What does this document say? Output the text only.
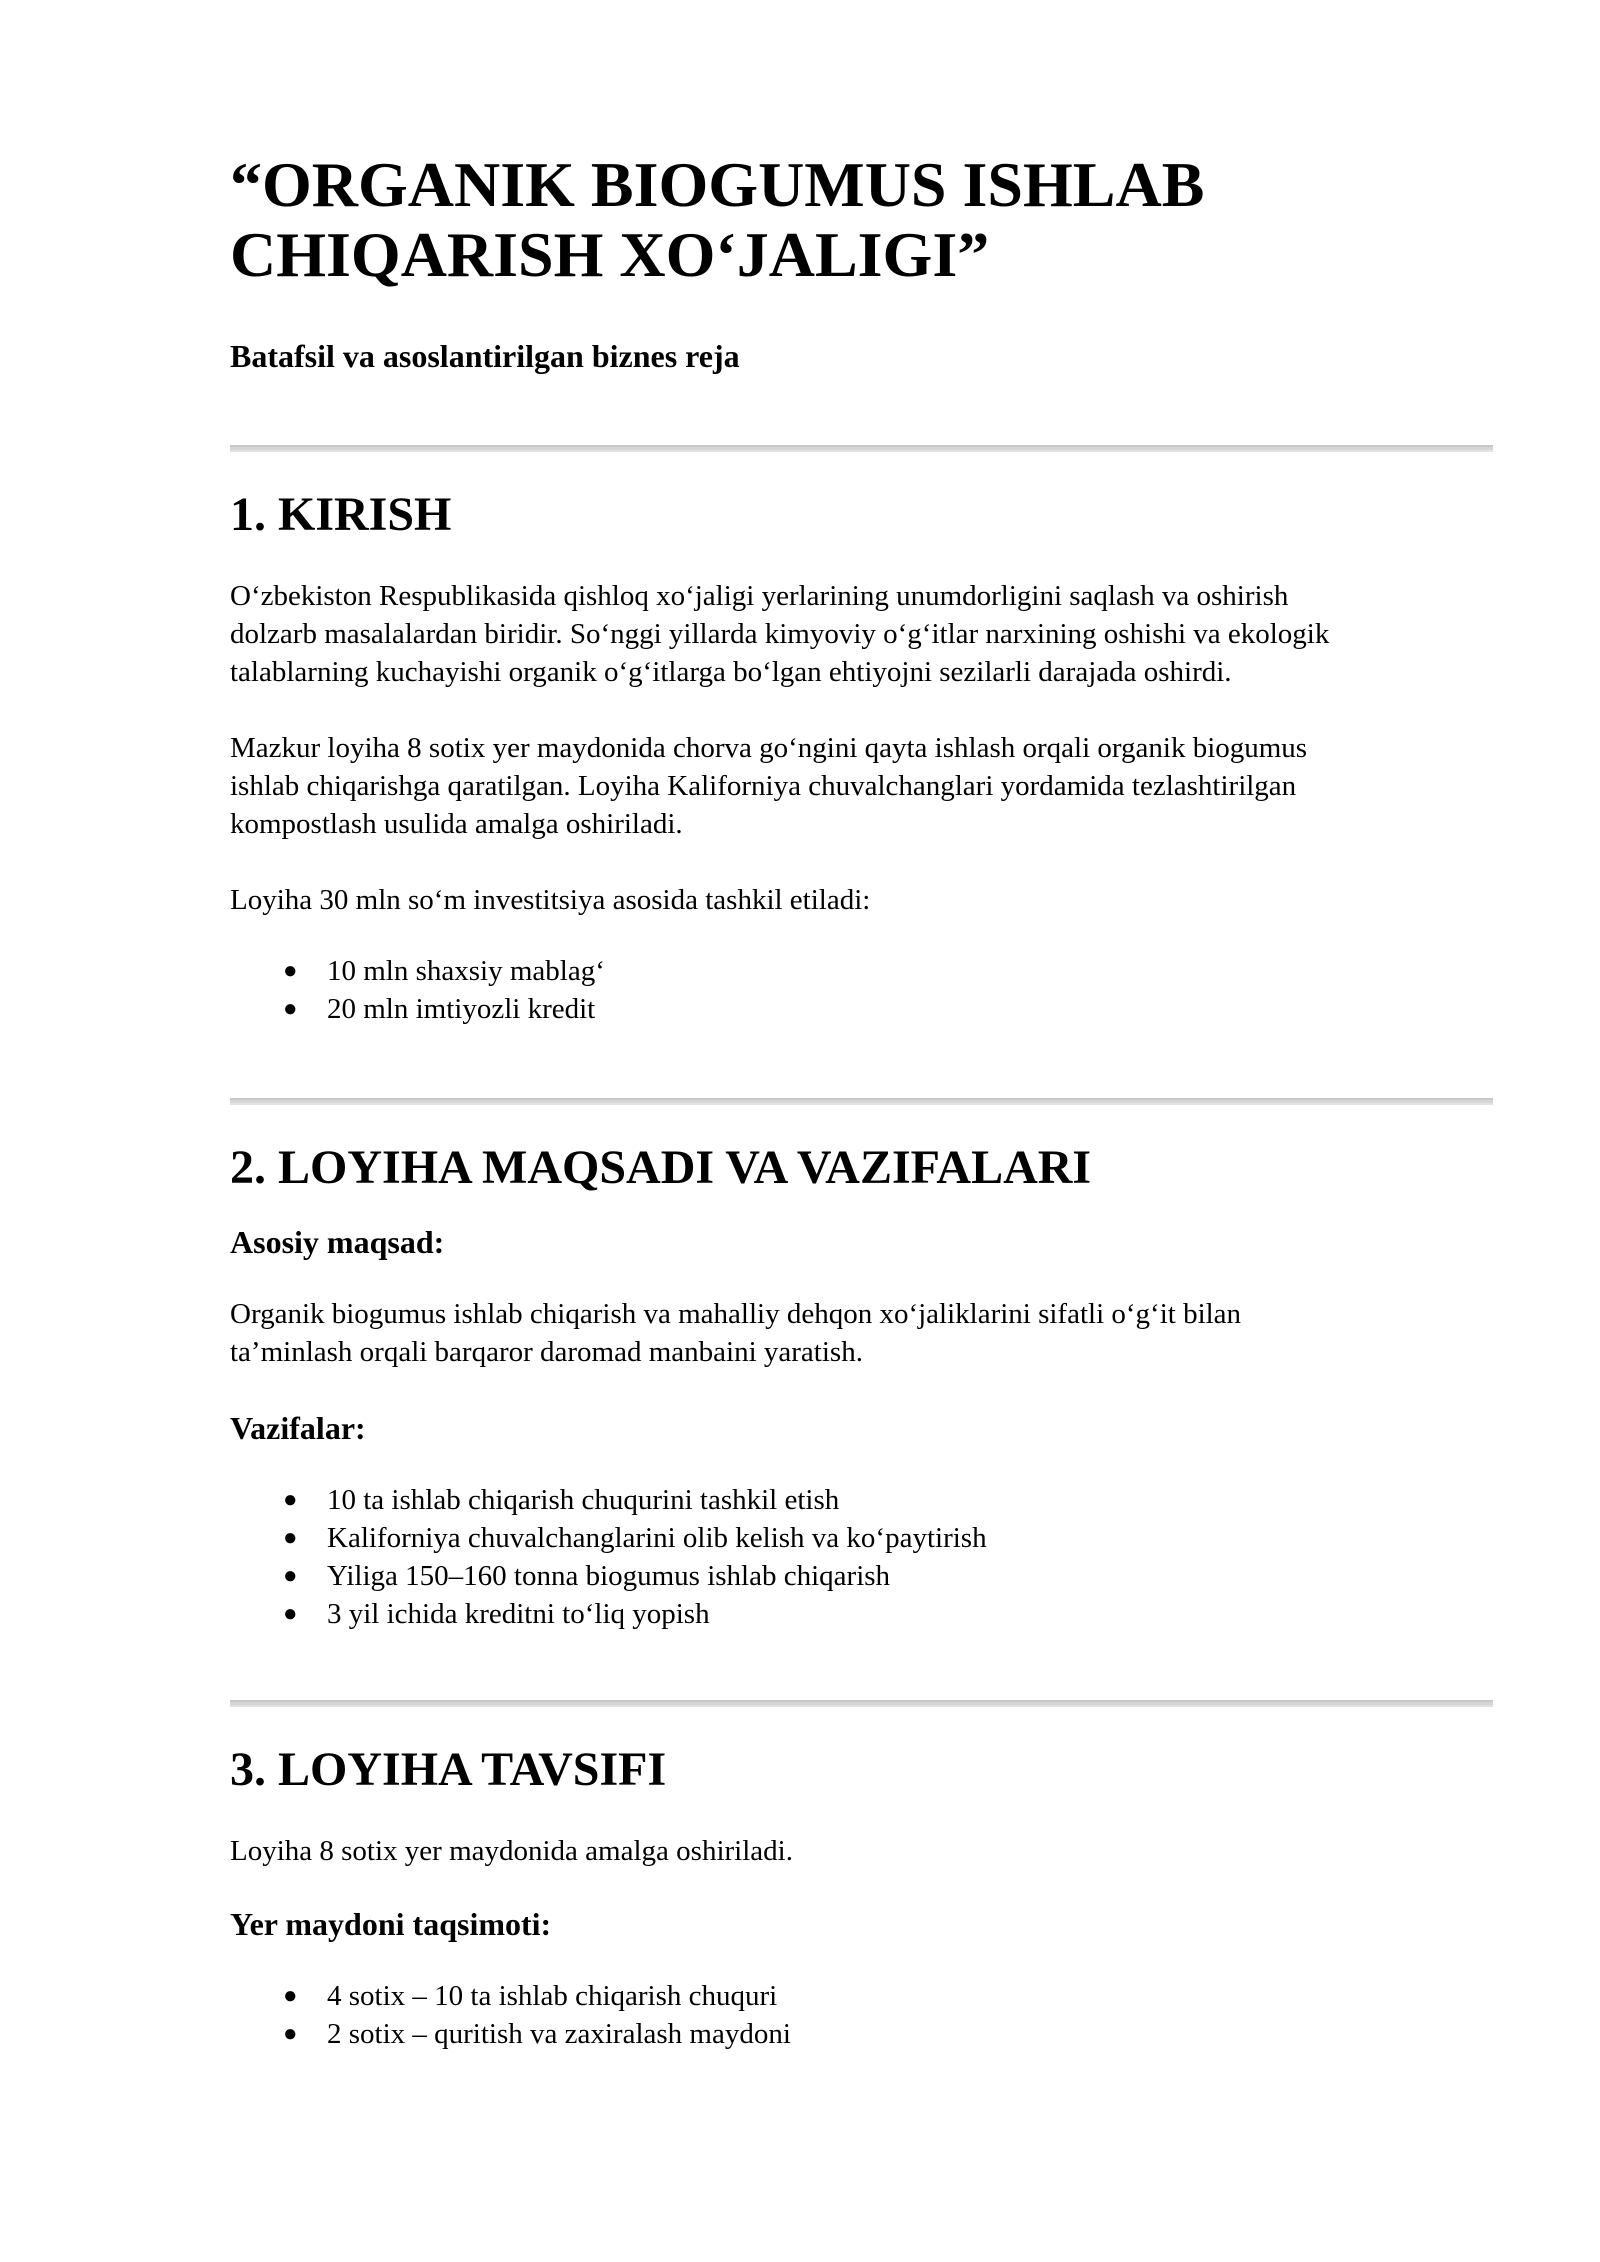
“ORGANIK BIOGUMUS ISHLAB
CHIQARISH XO‘JALIGI”

Batafsil va asoslantirilgan biznes reja

1. KIRISH

O‘zbekiston Respublikasida qishloq xo‘jaligi yerlarining unumdorligini saqlash va oshirish
dolzarb masalalardan biridir. So‘nggi yillarda kimyoviy o‘g‘itlar narxining oshishi va ekologik
talablarning kuchayishi organik o‘g‘itlarga bo‘lgan ehtiyojni sezilarli darajada oshirdi.

Mazkur loyiha 8 sotix yer maydonida chorva go‘ngini qayta ishlash orqali organik biogumus
ishlab chiqarishga qaratilgan. Loyiha Kaliforniya chuvalchanglari yordamida tezlashtirilgan
kompostlash usulida amalga oshiriladi.

Loyiha 30 mln so‘m investitsiya asosida tashkil etiladi:

● 10 mln shaxsiy mablag‘
● 20 mln imtiyozli kredit
2. LOYIHA MAQSADI VA VAZIFALARI
Asosiy maqsad:

Organik biogumus ishlab chiqarish va mahalliy dehqon xo‘jaliklarini sifatli o‘g‘it bilan
ta’minlash orqali barqaror daromad manbaini yaratish.

Vazifalar:
● 10 ta ishlab chiqarish chuqurini tashkil etish
● Kaliforniya chuvalchanglarini olib kelish va ko‘paytirish
● Yiliga 150–160 tonna biogumus ishlab chiqarish
● 3 yil ichida kreditni to‘liq yopish
3. LOYIHA TAVSIFI

Loyiha 8 sotix yer maydonida amalga oshiriladi.

Yer maydoni taqsimoti:
● 4 sotix – 10 ta ishlab chiqarish chuquri
● 2 sotix – quritish va zaxiralash maydoni
